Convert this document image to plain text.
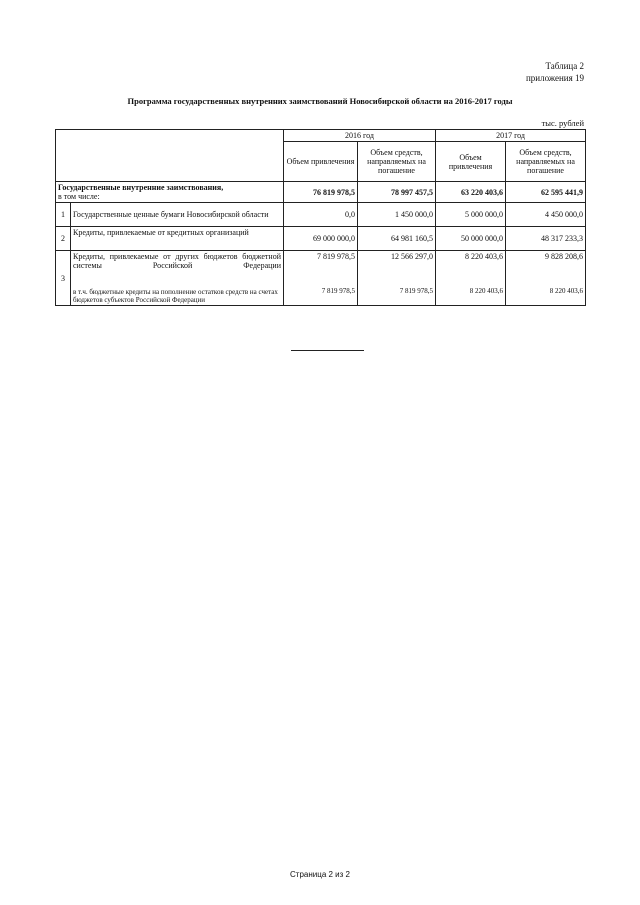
Таблица 2
приложения 19
Программа государственных внутренних заимствований Новосибирской области на 2016-2017 годы
тыс. рублей
		2016 год		2017 год	
		Объем привлечения	Объем средств, направляемых на погашение	Объем привлечения	Объем средств, направляемых на погашение

Государственные внутренние заимствования,
в том числе:		76 819 978,5	78 997 457,5	63 220 403,6	62 595 441,9
1	Государственные ценные бумаги Новосибирской области	0,0	1 450 000,0	5 000 000,0	4 450 000,0
2	Кредиты, привлекаемые от кредитных организаций	69 000 000,0	64 981 160,5	50 000 000,0	48 317 233,3
3	Кредиты, привлекаемые от других бюджетов бюджетной системы Российской Федерации	7 819 978,5	12 566 297,0	8 220 403,6	9 828 208,6
	в т.ч. бюджетные кредиты на пополнение остатков средств на счетах бюджетов субъектов Российской Федерации	7 819 978,5	7 819 978,5	8 220 403,6	8 220 403,6
Страница 2 из 2
